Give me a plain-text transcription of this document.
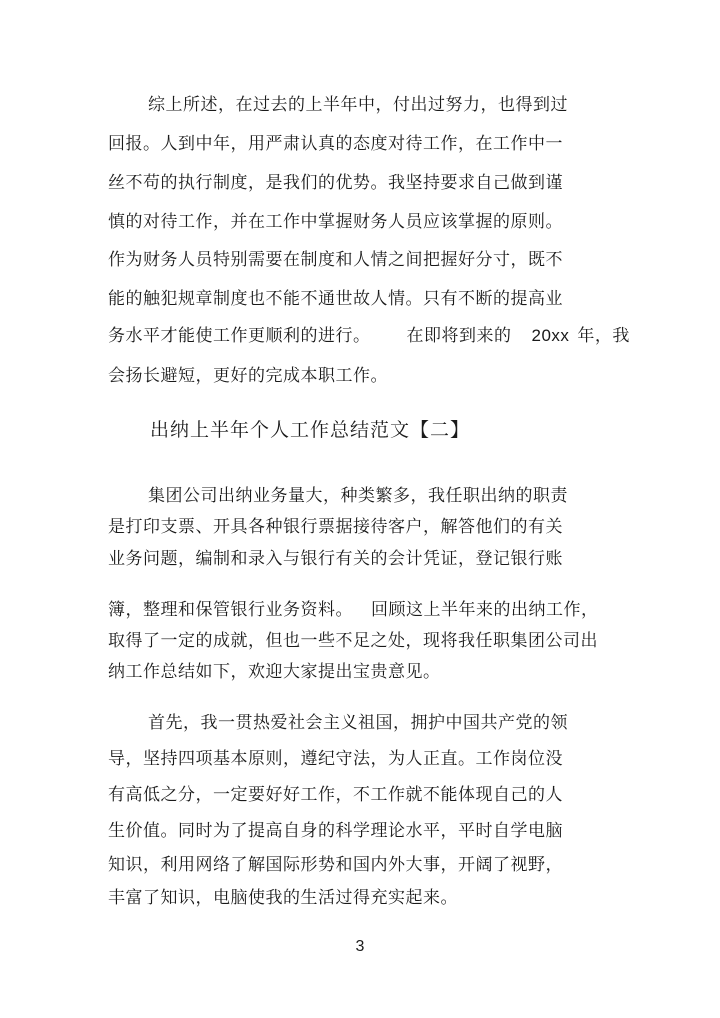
综上所述，在过去的上半年中，付出过努力，也得到过
回报。人到中年，用严肃认真的态度对待工作，在工作中一
丝不苟的执行制度，是我们的优势。我坚持要求自己做到谨
慎的对待工作，并在工作中掌握财务人员应该掌握的原则。
作为财务人员特别需要在制度和人情之间把握好分寸，既不
能的触犯规章制度也不能不通世故人情。只有不断的提高业
务水平才能使工作更顺利的进行。 在即将到来的 20xx 年，我
会扬长避短，更好的完成本职工作。
出纳上半年个人工作总结范文【二】
集团公司出纳业务量大，种类繁多，我任职出纳的职责
是打印支票、开具各种银行票据接待客户，解答他们的有关
业务问题，编制和录入与银行有关的会计凭证，登记银行账
簿，整理和保管银行业务资料。 回顾这上半年来的出纳工作，
取得了一定的成就，但也一些不足之处，现将我任职集团公司出
纳工作总结如下，欢迎大家提出宝贵意见。
首先，我一贯热爱社会主义祖国，拥护中国共产党的领
导，坚持四项基本原则，遵纪守法，为人正直。工作岗位没
有高低之分，一定要好好工作，不工作就不能体现自己的人
生价值。同时为了提高自身的科学理论水平，平时自学电脑
知识，利用网络了解国际形势和国内外大事，开阔了视野，
丰富了知识，电脑使我的生活过得充实起来。
3
